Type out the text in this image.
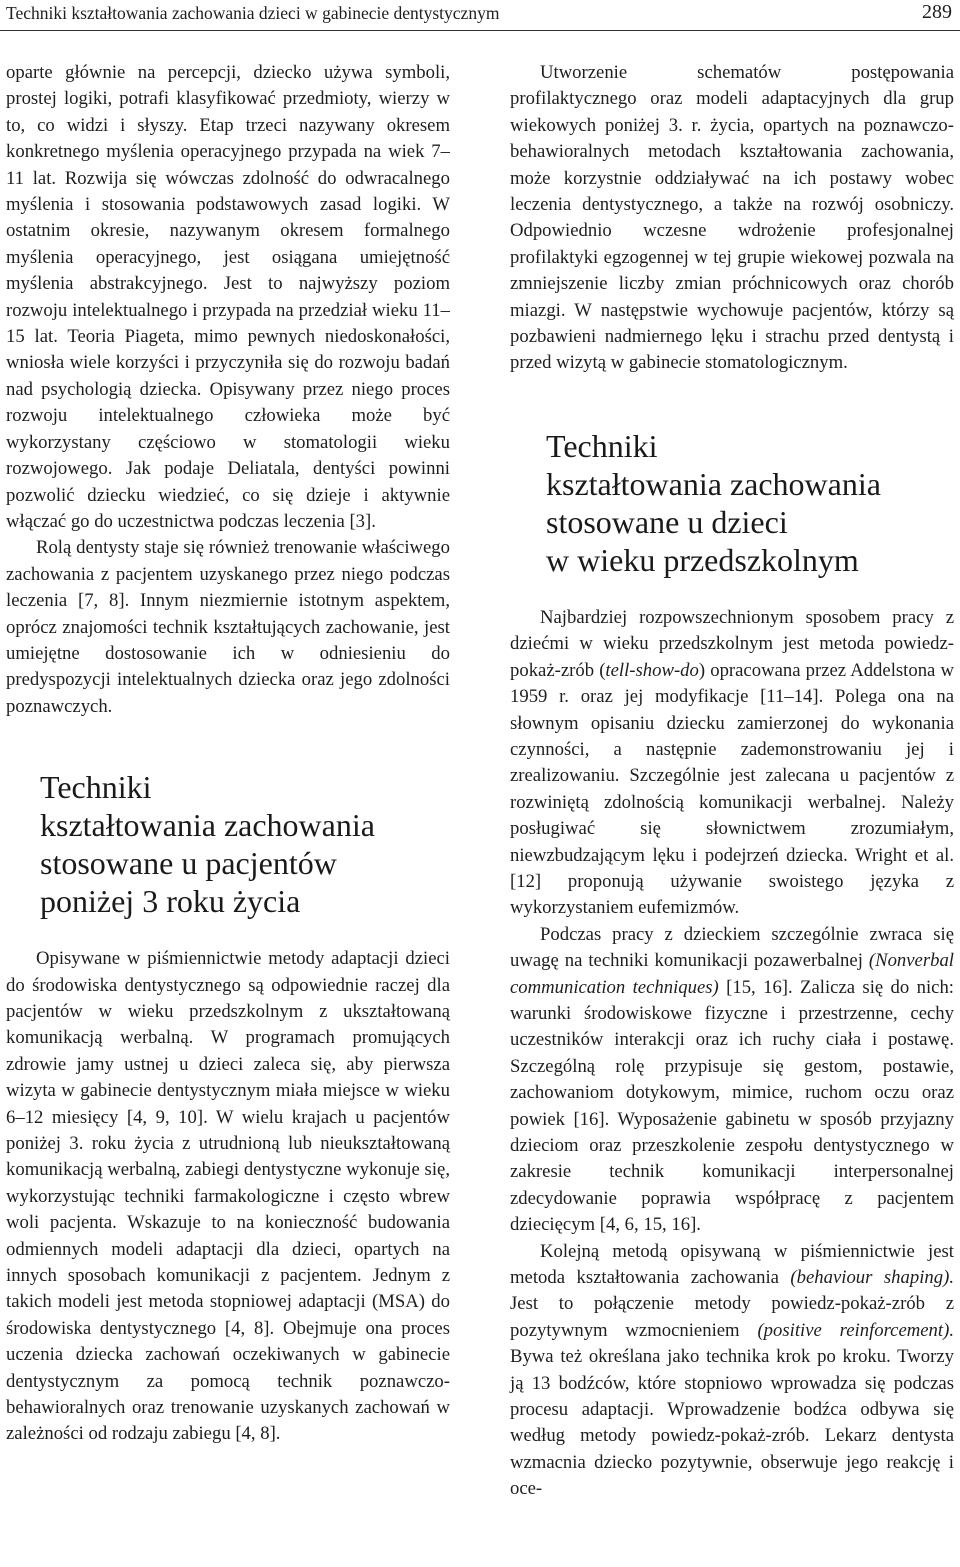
Techniki kształtowania zachowania dzieci w gabinecie dentystycznym	289

oparte głównie na percepcji, dziecko używa symboli, prostej logiki, potrafi klasyfikować przedmioty, wierzy w to, co widzi i słyszy. Etap trzeci nazywany okresem konkretnego myślenia operacyjnego przypada na wiek 7–11 lat. Rozwija się wówczas zdolność do odwracalnego myślenia i stosowania podstawowych zasad logiki. W ostatnim okresie, nazywanym okresem formalnego myślenia operacyjnego, jest osiągana umiejętność myślenia abstrakcyjnego. Jest to najwyższy poziom rozwoju intelektualnego i przypada na przedział wieku 11–15 lat. Teoria Piageta, mimo pewnych niedoskonałości, wniosła wiele korzyści i przyczyniła się do rozwoju badań nad psychologią dziecka. Opisywany przez niego proces rozwoju intelektualnego człowieka może być wykorzystany częściowo w stomatologii wieku rozwojowego. Jak podaje Deliatala, dentyści powinni pozwolić dziecku wiedzieć, co się dzieje i aktywnie włączać go do uczestnictwa podczas leczenia [3].

Rolą dentysty staje się również trenowanie właściwego zachowania z pacjentem uzyskanego przez niego podczas leczenia [7, 8]. Innym niezmiernie istotnym aspektem, oprócz znajomości technik kształtujących zachowanie, jest umiejętne dostosowanie ich w odniesieniu do predyspozycji intelektualnych dziecka oraz jego zdolności poznawczych.

Techniki
kształtowania zachowania
stosowane u pacjentów
poniżej 3 roku życia

Opisywane w piśmiennictwie metody adaptacji dzieci do środowiska dentystycznego są odpowiednie raczej dla pacjentów w wieku przedszkolnym z ukształtowaną komunikacją werbalną. W programach promujących zdrowie jamy ustnej u dzieci zaleca się, aby pierwsza wizyta w gabinecie dentystycznym miała miejsce w wieku 6–12 miesięcy [4, 9, 10]. W wielu krajach u pacjentów poniżej 3. roku życia z utrudnioną lub nieukształtowaną komunikacją werbalną, zabiegi dentystyczne wykonuje się, wykorzystując techniki farmakologiczne i często wbrew woli pacjenta. Wskazuje to na konieczność budowania odmiennych modeli adaptacji dla dzieci, opartych na innych sposobach komunikacji z pacjentem. Jednym z takich modeli jest metoda stopniowej adaptacji (MSA) do środowiska dentystycznego [4, 8]. Obejmuje ona proces uczenia dziecka zachowań oczekiwanych w gabinecie dentystycznym za pomocą technik poznawczo-behawioralnych oraz trenowanie uzyskanych zachowań w zależności od rodzaju zabiegu [4, 8].

Utworzenie schematów postępowania profilaktycznego oraz modeli adaptacyjnych dla grup wiekowych poniżej 3. r. życia, opartych na poznawczo-behawioralnych metodach kształtowania zachowania, może korzystnie oddziaływać na ich postawy wobec leczenia dentystycznego, a także na rozwój osobniczy. Odpowiednio wczesne wdrożenie profesjonalnej profilaktyki egzogennej w tej grupie wiekowej pozwala na zmniejszenie liczby zmian próchnicowych oraz chorób miazgi. W następstwie wychowuje pacjentów, którzy są pozbawieni nadmiernego lęku i strachu przed dentystą i przed wizytą w gabinecie stomatologicznym.

Techniki
kształtowania zachowania
stosowane u dzieci
w wieku przedszkolnym

Najbardziej rozpowszechnionym sposobem pracy z dziećmi w wieku przedszkolnym jest metoda powiedz-pokaż-zrób (tell-show-do) opracowana przez Addelstona w 1959 r. oraz jej modyfikacje [11–14]. Polega ona na słownym opisaniu dziecku zamierzonej do wykonania czynności, a następnie zademonstrowaniu jej i zrealizowaniu. Szczególnie jest zalecana u pacjentów z rozwiniętą zdolnością komunikacji werbalnej. Należy posługiwać się słownictwem zrozumiałym, niewzbudzającym lęku i podejrzeń dziecka. Wright et al. [12] proponują używanie swoistego języka z wykorzystaniem eufemizmów.

Podczas pracy z dzieckiem szczególnie zwraca się uwagę na techniki komunikacji pozawerbalnej (Nonverbal communication techniques) [15, 16]. Zalicza się do nich: warunki środowiskowe fizyczne i przestrzenne, cechy uczestników interakcji oraz ich ruchy ciała i postawę. Szczególną rolę przypisuje się gestom, postawie, zachowaniom dotykowym, mimice, ruchom oczu oraz powiek [16]. Wyposażenie gabinetu w sposób przyjazny dzieciom oraz przeszkolenie zespołu dentystycznego w zakresie technik komunikacji interpersonalnej zdecydowanie poprawia współpracę z pacjentem dziecięcym [4, 6, 15, 16].

Kolejną metodą opisywaną w piśmiennictwie jest metoda kształtowania zachowania (behaviour shaping). Jest to połączenie metody powiedz-pokaż-zrób z pozytywnym wzmocnieniem (positive reinforcement). Bywa też określana jako technika krok po kroku. Tworzy ją 13 bodźców, które stopniowo wprowadza się podczas procesu adaptacji. Wprowadzenie bodźca odbywa się według metody powiedz-pokaż-zrób. Lekarz dentysta wzmacnia dziecko pozytywnie, obserwuje jego reakcję i oce-
